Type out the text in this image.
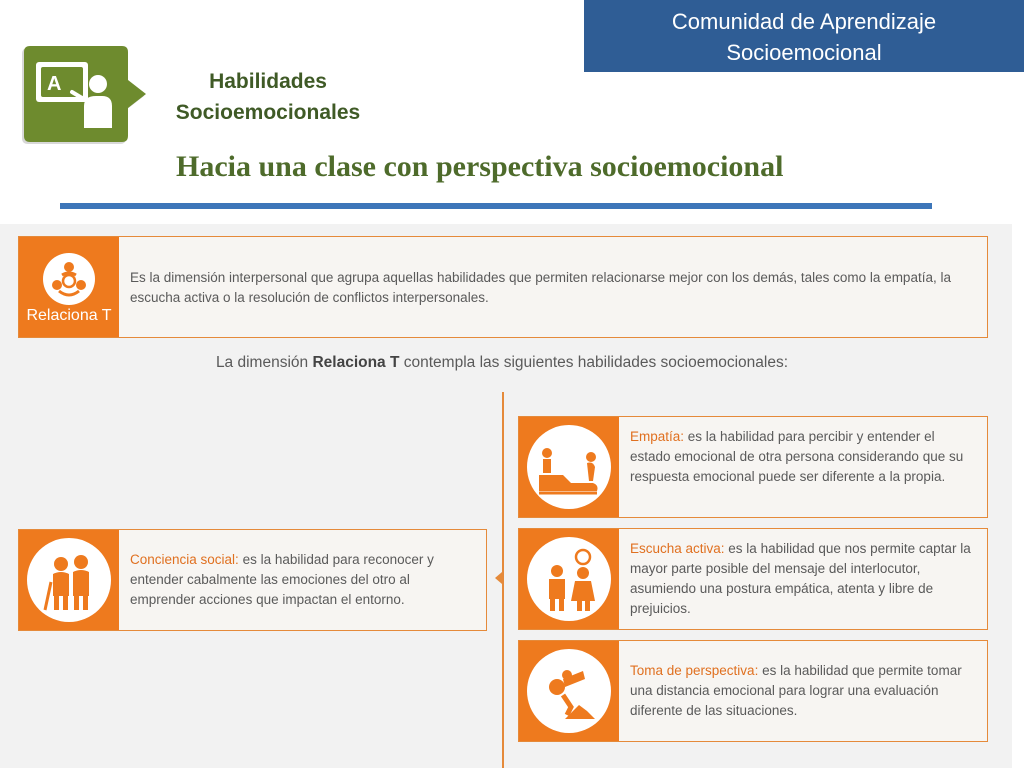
Comunidad de Aprendizaje
Socioemocional
A	Habilidades
Socioemocionales
Hacia una clase con perspectiva socioemocional
Relaciona T
Es la dimensión interpersonal que agrupa aquellas habilidades que permiten relacionarse mejor con los demás, tales como la empatía, la escucha activa o la resolución de conflictos interpersonales.
La dimensión Relaciona T contempla las siguientes habilidades socioemocionales:
Conciencia social: es la habilidad para reconocer y entender cabalmente las emociones del otro al emprender acciones que impactan el entorno.
Empatía: es la habilidad para percibir y entender el estado emocional de otra persona considerando que su respuesta emocional puede ser diferente a la propia.
Escucha activa: es la habilidad que nos permite captar la mayor parte posible del mensaje del interlocutor, asumiendo una postura empática, atenta y libre de prejuicios.
Toma de perspectiva: es la habilidad que permite tomar una distancia emocional para lograr una evaluación diferente de las situaciones.
